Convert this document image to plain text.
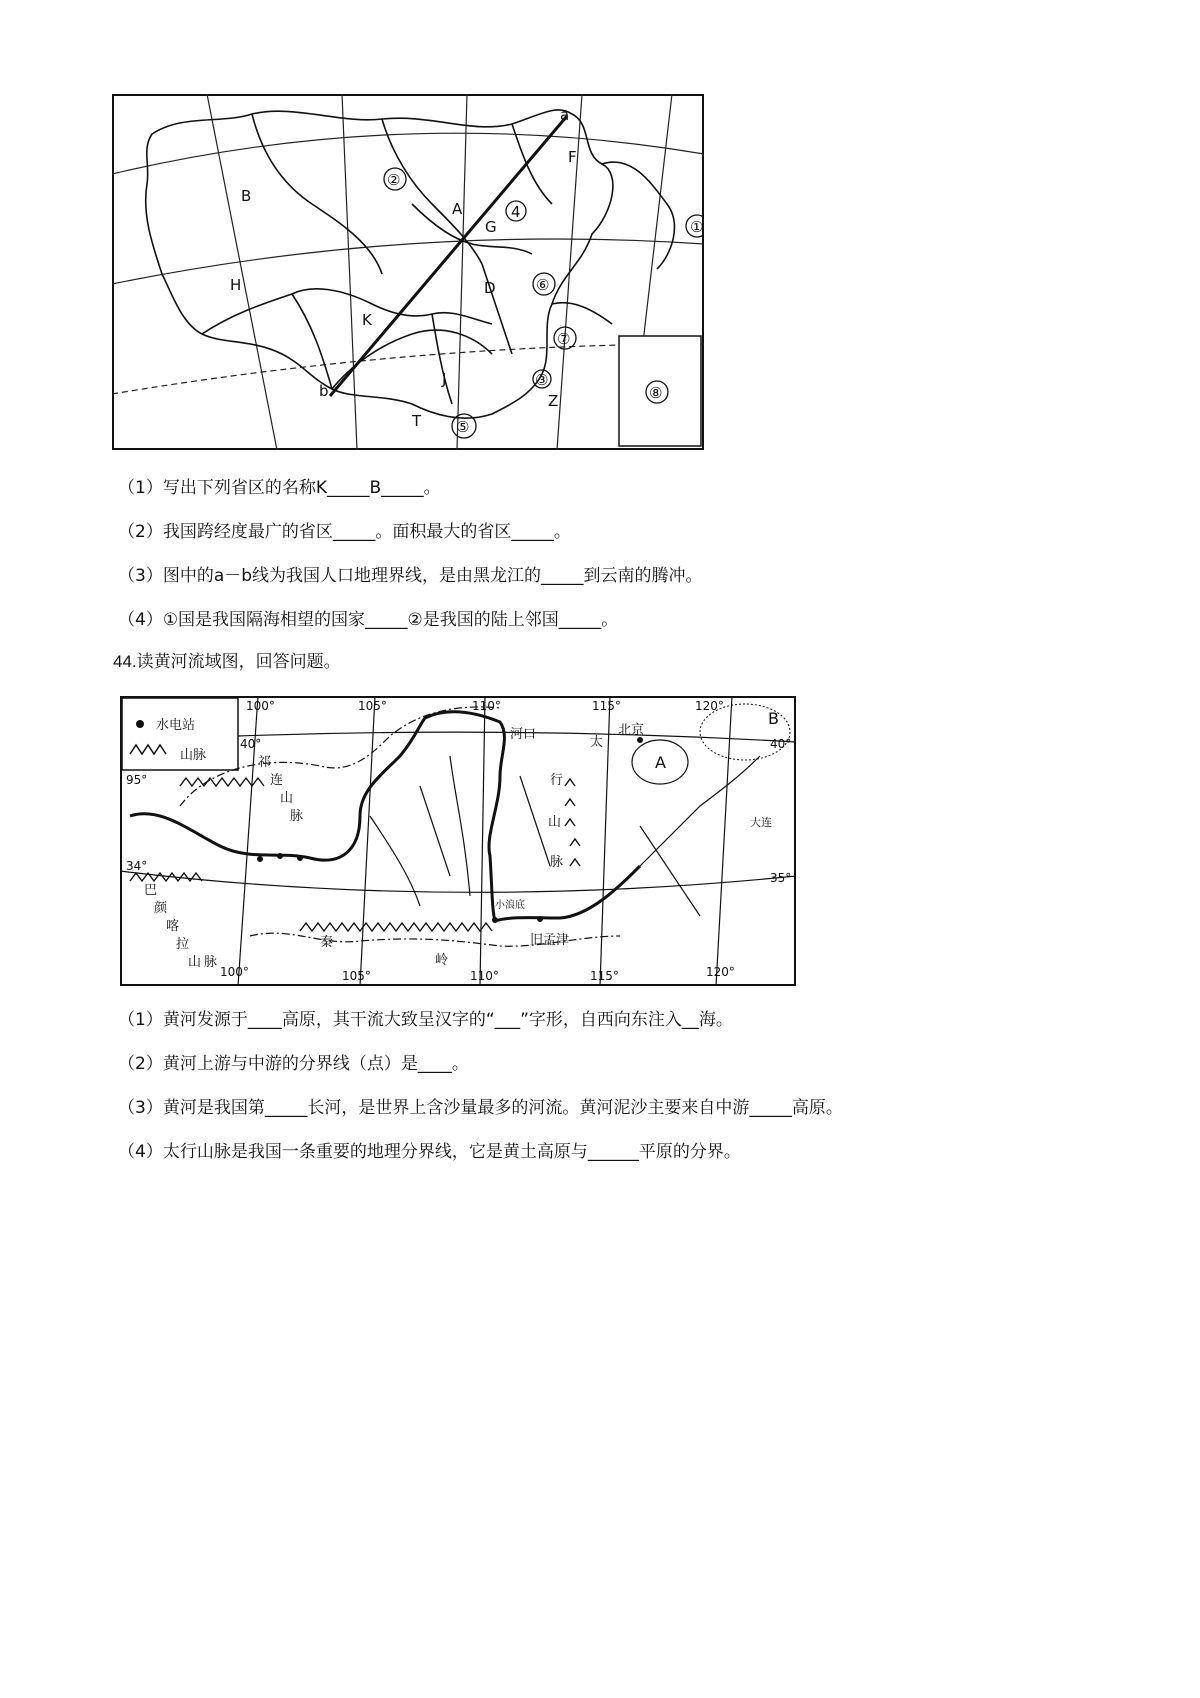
a
b
F
B
H
A
K
G
D
T
J
Z
②
①
4
⑥
⑦
③
⑤
⑧
（1）写出下列省区的名称K_____B_____。
（2）我国跨经度最广的省区_____。面积最大的省区_____。
（3）图中的a－b线为我国人口地理界线，是由黑龙江的_____到云南的腾冲。
（4）①国是我国隔海相望的国家_____②是我国的陆上邻国_____。
44.读黄河流域图，回答问题。
水电站
山脉
100°	105°	110°	115°	120°
95°
100°	105°	110°	115°	120°
40°	40°
35°
34°
河口
太
行
山
脉
北京
A
B
大连
祁
连
山
脉
巴
颜
喀
拉
山 脉
秦
岭
小浪底
旧孟津
（1）黄河发源于____高原，其干流大致呈汉字的“___”字形，自西向东注入__海。
（2）黄河上游与中游的分界线（点）是____。
（3）黄河是我国第_____长河，是世界上含沙量最多的河流。黄河泥沙主要来自中游_____高原。
（4）太行山脉是我国一条重要的地理分界线，它是黄土高原与______平原的分界。
